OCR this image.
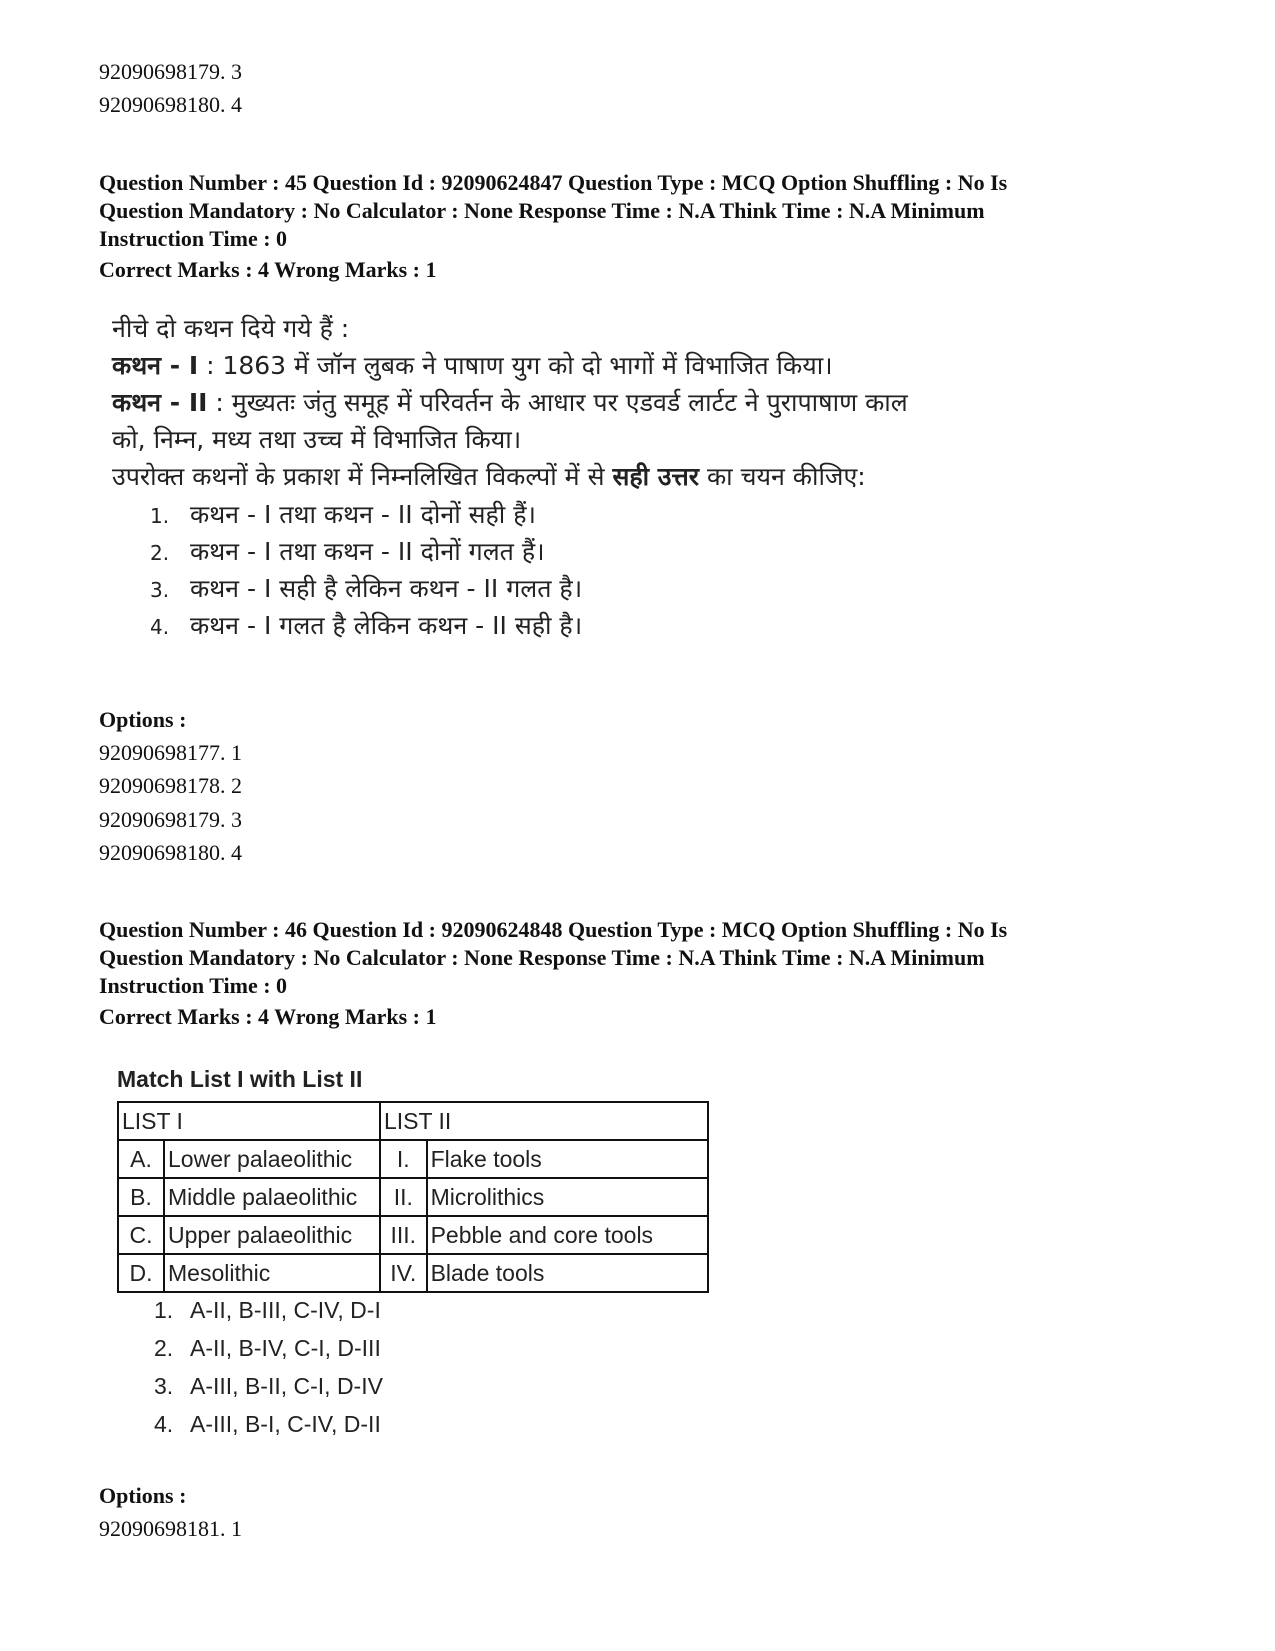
92090698179. 3
92090698180. 4
Question Number : 45 Question Id : 92090624847 Question Type : MCQ Option Shuffling : No Is
Question Mandatory : No Calculator : None Response Time : N.A Think Time : N.A Minimum
Instruction Time : 0
Correct Marks : 4 Wrong Marks : 1
नीचे दो कथन दिये गये हैं :
कथन - I : 1863 में जॉन लुबक ने पाषाण युग को दो भागों में विभाजित किया।
कथन - II : मुख्यतः जंतु समूह में परिवर्तन के आधार पर एडवर्ड लार्टट ने पुरापाषाण काल
को, निम्न, मध्य तथा उच्च में विभाजित किया।
उपरोक्त कथनों के प्रकाश में निम्नलिखित विकल्पों में से सही उत्तर का चयन कीजिए:
1. कथन - I तथा कथन - II दोनों सही हैं।
2. कथन - I तथा कथन - II दोनों गलत हैं।
3. कथन - I सही है लेकिन कथन - II गलत है।
4. कथन - I गलत है लेकिन कथन - II सही है।
Options :
92090698177. 1
92090698178. 2
92090698179. 3
92090698180. 4
Question Number : 46 Question Id : 92090624848 Question Type : MCQ Option Shuffling : No Is
Question Mandatory : No Calculator : None Response Time : N.A Think Time : N.A Minimum
Instruction Time : 0
Correct Marks : 4 Wrong Marks : 1
Match List I with List II
LIST I		LIST II	
A.	Lower palaeolithic	I.	Flake tools
B.	Middle palaeolithic	II.	Microlithics
C.	Upper palaeolithic	III.	Pebble and core tools
D.	Mesolithic	IV.	Blade tools
1. A-II, B-III, C-IV, D-I
2. A-II, B-IV, C-I, D-III
3. A-III, B-II, C-I, D-IV
4. A-III, B-I, C-IV, D-II
Options :
92090698181. 1
